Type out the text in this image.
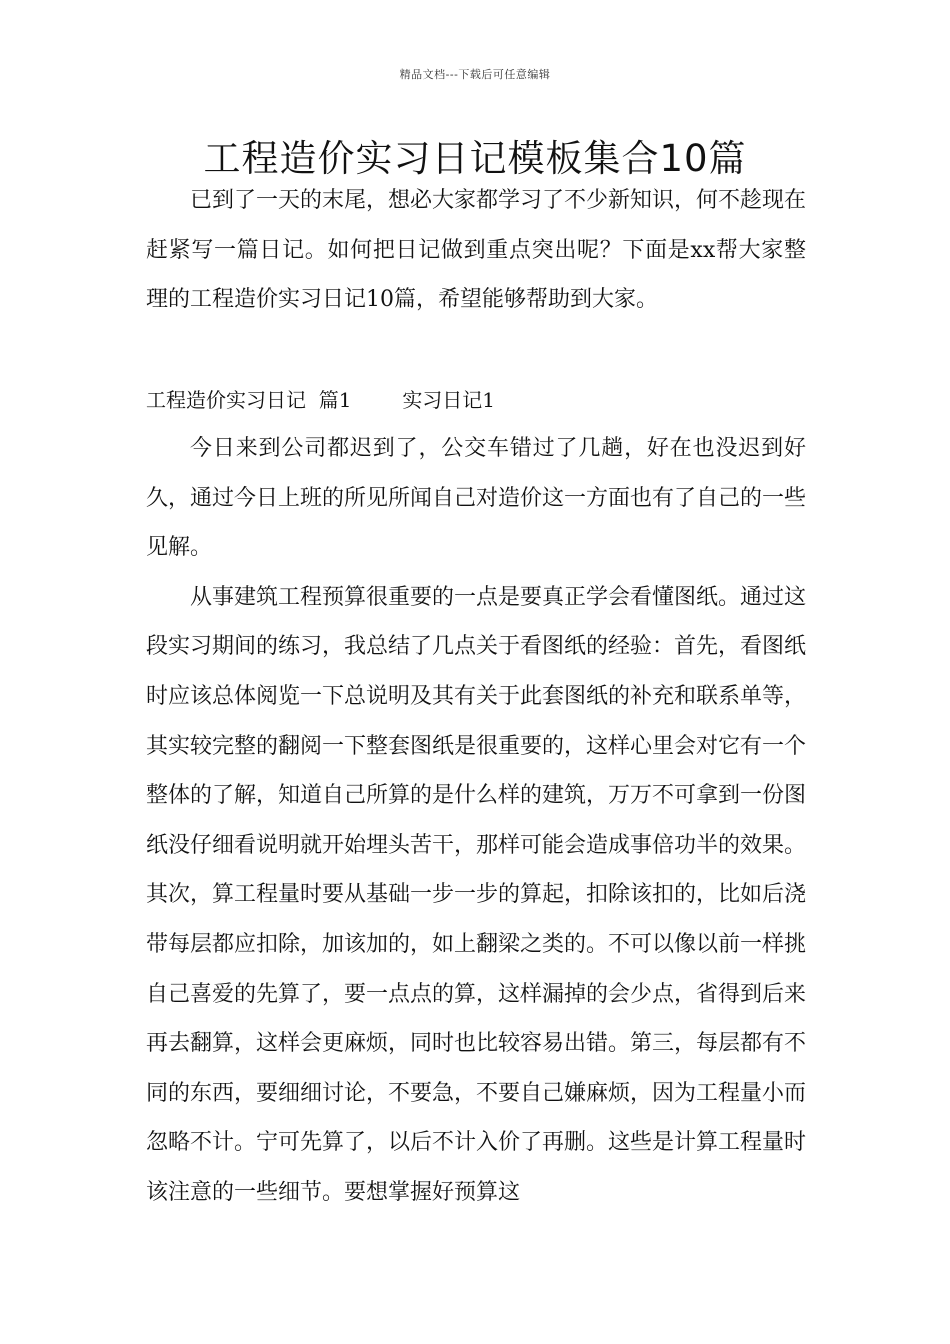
精品文档---下载后可任意编辑
工程造价实习日记模板集合10篇

已到了一天的末尾，想必大家都学习了不少新知识，何不趁现在赶紧写一篇日记。如何把日记做到重点突出呢？下面是xx帮大家整理的工程造价实习日记10篇，希望能够帮助到大家。

工程造价实习日记  篇1	实习日记1

今日来到公司都迟到了，公交车错过了几趟，好在也没迟到好久，通过今日上班的所见所闻自己对造价这一方面也有了自己的一些见解。

从事建筑工程预算很重要的一点是要真正学会看懂图纸。通过这段实习期间的练习，我总结了几点关于看图纸的经验：首先，看图纸时应该总体阅览一下总说明及其有关于此套图纸的补充和联系单等，其实较完整的翻阅一下整套图纸是很重要的，这样心里会对它有一个整体的了解，知道自己所算的是什么样的建筑，万万不可拿到一份图纸没仔细看说明就开始埋头苦干，那样可能会造成事倍功半的效果。其次，算工程量时要从基础一步一步的算起，扣除该扣的，比如后浇带每层都应扣除，加该加的，如上翻梁之类的。不可以像以前一样挑自己喜爱的先算了，要一点点的算，这样漏掉的会少点，省得到后来再去翻算，这样会更麻烦，同时也比较容易出错。第三，每层都有不同的东西，要细细讨论，不要急，不要自己嫌麻烦，因为工程量小而忽略不计。宁可先算了，以后不计入价了再删。这些是计算工程量时该注意的一些细节。要想掌握好预算这
